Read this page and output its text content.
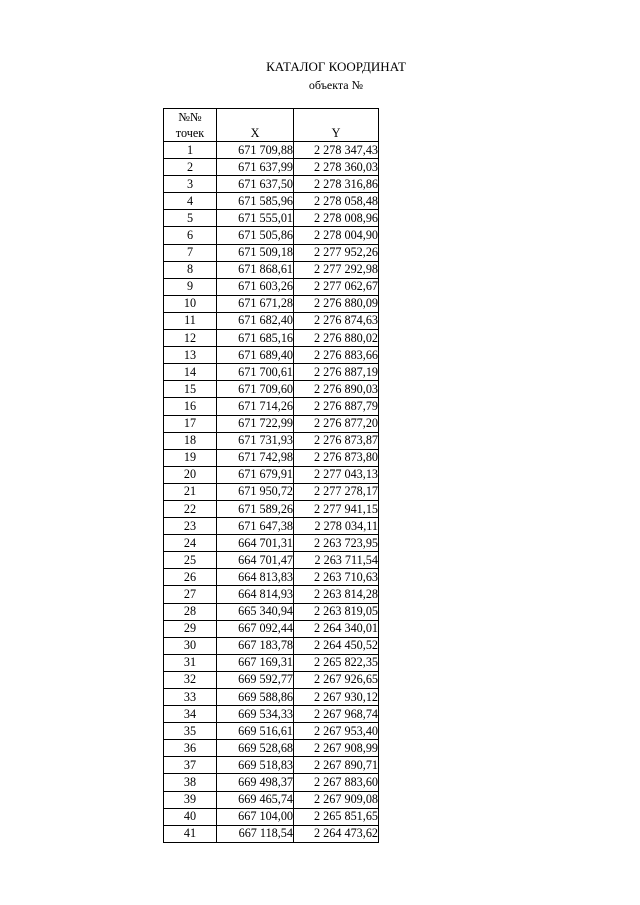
КАТАЛОГ КООРДИНАТ
объекта №
№№
точек	X	Y
1	671 709,88	2 278 347,43
2	671 637,99	2 278 360,03
3	671 637,50	2 278 316,86
4	671 585,96	2 278 058,48
5	671 555,01	2 278 008,96
6	671 505,86	2 278 004,90
7	671 509,18	2 277 952,26
8	671 868,61	2 277 292,98
9	671 603,26	2 277 062,67
10	671 671,28	2 276 880,09
11	671 682,40	2 276 874,63
12	671 685,16	2 276 880,02
13	671 689,40	2 276 883,66
14	671 700,61	2 276 887,19
15	671 709,60	2 276 890,03
16	671 714,26	2 276 887,79
17	671 722,99	2 276 877,20
18	671 731,93	2 276 873,87
19	671 742,98	2 276 873,80
20	671 679,91	2 277 043,13
21	671 950,72	2 277 278,17
22	671 589,26	2 277 941,15
23	671 647,38	2 278 034,11
24	664 701,31	2 263 723,95
25	664 701,47	2 263 711,54
26	664 813,83	2 263 710,63
27	664 814,93	2 263 814,28
28	665 340,94	2 263 819,05
29	667 092,44	2 264 340,01
30	667 183,78	2 264 450,52
31	667 169,31	2 265 822,35
32	669 592,77	2 267 926,65
33	669 588,86	2 267 930,12
34	669 534,33	2 267 968,74
35	669 516,61	2 267 953,40
36	669 528,68	2 267 908,99
37	669 518,83	2 267 890,71
38	669 498,37	2 267 883,60
39	669 465,74	2 267 909,08
40	667 104,00	2 265 851,65
41	667 118,54	2 264 473,62
